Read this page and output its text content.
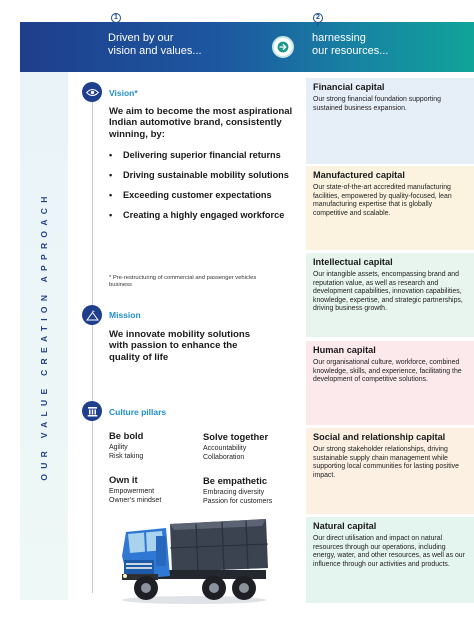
Driven by our
vision and values...
harnessing
our resources...
1	2
OUR VALUE CREATION APPROACH
Vision*
We aim to become the most aspirational Indian automotive brand, consistently winning, by:
• Delivering superior financial returns
• Driving sustainable mobility solutions
• Exceeding customer expectations
• Creating a highly engaged workforce
* Pre-restructuring of commercial and passenger vehicles business
Mission
We innovate mobility solutions with passion to enhance the quality of life
Culture pillars
Be bold
Agility
Risk taking
Solve together
Accountability
Collaboration
Own it
Empowerment
Owner’s mindset
Be empathetic
Embracing diversity
Passion for customers
Financial capital

Our strong financial foundation supporting sustained business expansion.

Manufactured capital

Our state-of-the-art accredited manufacturing facilities, empowered by quality-focused, lean manufacturing expertise that is globally competitive and scalable.

Intellectual capital

Our intangible assets, encompassing brand and reputation value, as well as research and development capabilities, innovation capabilities, knowledge, expertise, and strategic partnerships, driving business growth.

Human capital

Our organisational culture, workforce, combined knowledge, skills, and experience, facilitating the development of competitive solutions.

Social and relationship capital

Our strong stakeholder relationships, driving sustainable supply chain management while supporting local communities for lasting positive impact.

Natural capital

Our direct utilisation and impact on natural resources through our operations, including energy, water, and other resources, as well as our influence through our activities and products.
